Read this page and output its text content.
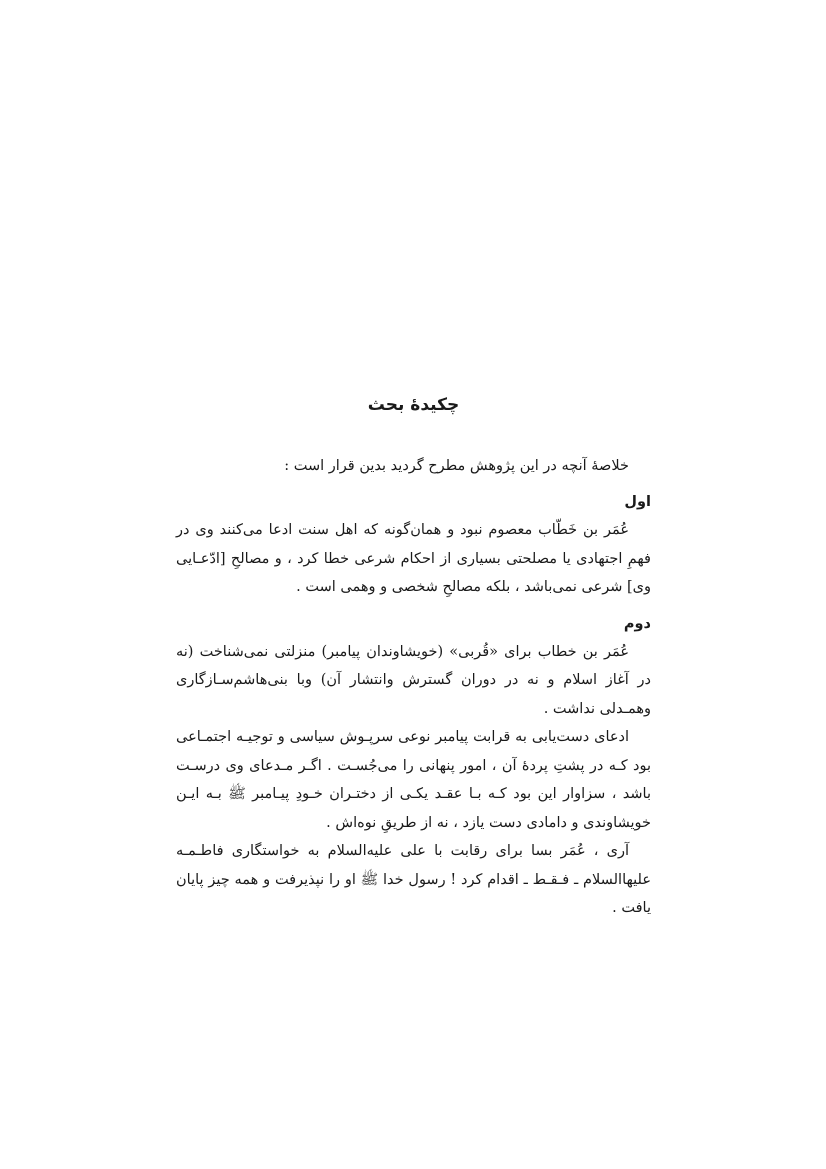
چکیدهٔ بحث

خلاصهٔ آنچه در این پژوهش مطرح گردید بدین قرار است :

اول

عُمَر بن خَطّاب معصوم نبود و همان‌گونه که اهل سنت ادعا می‌کنند وی در فهمِ اجتهادی یا مصلحتی بسیاری از احکام شرعی خطا کرد ، و مصالحِ [ادّعـایی وی] شرعی نمی‌باشد ، بلکه مصالحِ شخصی و وهمی است .

دوم

عُمَر بن خطاب برای «قُربی» (خویشاوندان پیامبر) منزلتی نمی‌شناخت (نه در آغاز اسلام و نه در دوران گسترش وانتشار آن) وبا بنی‌هاشم‌سـازگاری وهمـدلی نداشت .

ادعای دست‌یابی به قرابت پیامبر نوعی سرپـوش سیاسی و توجیـه اجتمـاعی بود کـه در پشتِ پردهٔ آن ، امور پنهانی را می‌جُسـت . اگـر مـدعای وی درسـت باشد ، سزاوار این بود کـه بـا عقـد یکـی از دختـران خـودِ پیـامبر ﷺ بـه ایـن خویشاوندی و دامادی دست یازد ، نه از طریقِ نوه‌اش .

آری ، عُمَر بسا برای رقابت با علی عليه‌السلام به خواستگاری فاطـمـه عليها‌السلام ـ فـقـط ـ اقدام کرد ! رسول خدا ﷺ او را نپذیرفت و همه چیز پایان یافت .
